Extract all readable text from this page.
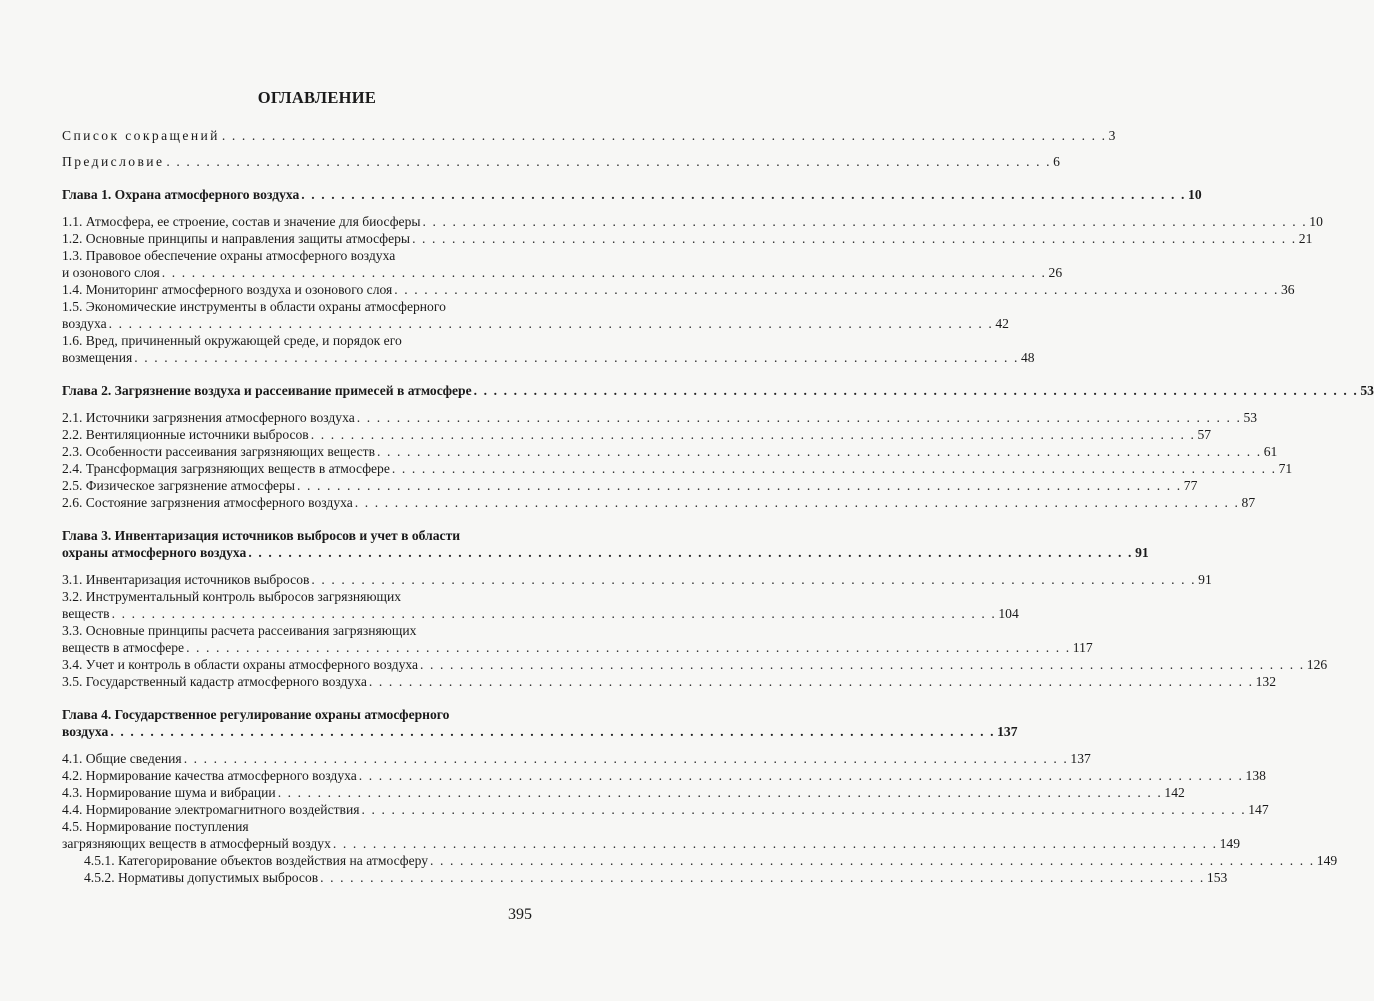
ОГЛАВЛЕНИЕ
Список сокращений . . . . . . . . . . . . . . . . . . . . . . . . . . . . . . . . . . . . . . . . . . . . . . . . . . . . . . . . . . . . . . . . . . . . . . . . . . . . . . . . . . . . . . . . . 3
Предисловие . . . . . . . . . . . . . . . . . . . . . . . . . . . . . . . . . . . . . . . . . . . . . . . . . . . . . . . . . . . . . . . . . . . . . . . . . . . . . . . . . . . . . . . . . 6
Глава 1. Охрана атмосферного воздуха . . . . . . . . . . . . . . . . . . . . . . . . . . . . . . . . . . . . . . . . . . . . . . . . . . . . . . . . . . . . . . . . . . . . . . . . . . . . . . . . . . . . . . . . . 10
1.1. Атмосфера, ее строение, состав и значение для биосферы . . . . . . . . . . . . . . . . . . . . . . . . . . . . . . . . . . . . . . . . . . . . . . . . . . . . . . . . . . . . . . . . . . . . . . . . . . . . . . . . . . . . . . . . . 10
1.2. Основные принципы и направления защиты атмосферы . . . . . . . . . . . . . . . . . . . . . . . . . . . . . . . . . . . . . . . . . . . . . . . . . . . . . . . . . . . . . . . . . . . . . . . . . . . . . . . . . . . . . . . . . 21
1.3. Правовое обеспечение охраны атмосферного воздуха
и озонового слоя . . . . . . . . . . . . . . . . . . . . . . . . . . . . . . . . . . . . . . . . . . . . . . . . . . . . . . . . . . . . . . . . . . . . . . . . . . . . . . . . . . . . . . . . . 26
1.4. Мониторинг атмосферного воздуха и озонового слоя . . . . . . . . . . . . . . . . . . . . . . . . . . . . . . . . . . . . . . . . . . . . . . . . . . . . . . . . . . . . . . . . . . . . . . . . . . . . . . . . . . . . . . . . . 36
1.5. Экономические инструменты в области охраны атмосферного
воздуха . . . . . . . . . . . . . . . . . . . . . . . . . . . . . . . . . . . . . . . . . . . . . . . . . . . . . . . . . . . . . . . . . . . . . . . . . . . . . . . . . . . . . . . . . 42
1.6. Вред, причиненный окружающей среде, и порядок его
возмещения . . . . . . . . . . . . . . . . . . . . . . . . . . . . . . . . . . . . . . . . . . . . . . . . . . . . . . . . . . . . . . . . . . . . . . . . . . . . . . . . . . . . . . . . . 48
Глава 2. Загрязнение воздуха и рассеивание примесей в атмосфере . . . . . . . . . . . . . . . . . . . . . . . . . . . . . . . . . . . . . . . . . . . . . . . . . . . . . . . . . . . . . . . . . . . . . . . . . . . . . . . . . . . . . . . . . 53
2.1. Источники загрязнения атмосферного воздуха . . . . . . . . . . . . . . . . . . . . . . . . . . . . . . . . . . . . . . . . . . . . . . . . . . . . . . . . . . . . . . . . . . . . . . . . . . . . . . . . . . . . . . . . . 53
2.2. Вентиляционные источники выбросов . . . . . . . . . . . . . . . . . . . . . . . . . . . . . . . . . . . . . . . . . . . . . . . . . . . . . . . . . . . . . . . . . . . . . . . . . . . . . . . . . . . . . . . . . 57
2.3. Особенности рассеивания загрязняющих веществ . . . . . . . . . . . . . . . . . . . . . . . . . . . . . . . . . . . . . . . . . . . . . . . . . . . . . . . . . . . . . . . . . . . . . . . . . . . . . . . . . . . . . . . . . 61
2.4. Трансформация загрязняющих веществ в атмосфере . . . . . . . . . . . . . . . . . . . . . . . . . . . . . . . . . . . . . . . . . . . . . . . . . . . . . . . . . . . . . . . . . . . . . . . . . . . . . . . . . . . . . . . . . 71
2.5. Физическое загрязнение атмосферы . . . . . . . . . . . . . . . . . . . . . . . . . . . . . . . . . . . . . . . . . . . . . . . . . . . . . . . . . . . . . . . . . . . . . . . . . . . . . . . . . . . . . . . . . 77
2.6. Состояние загрязнения атмосферного воздуха . . . . . . . . . . . . . . . . . . . . . . . . . . . . . . . . . . . . . . . . . . . . . . . . . . . . . . . . . . . . . . . . . . . . . . . . . . . . . . . . . . . . . . . . . 87
Глава 3. Инвентаризация источников выбросов и учет в области
охраны атмосферного воздуха . . . . . . . . . . . . . . . . . . . . . . . . . . . . . . . . . . . . . . . . . . . . . . . . . . . . . . . . . . . . . . . . . . . . . . . . . . . . . . . . . . . . . . . . . 91
3.1. Инвентаризация источников выбросов . . . . . . . . . . . . . . . . . . . . . . . . . . . . . . . . . . . . . . . . . . . . . . . . . . . . . . . . . . . . . . . . . . . . . . . . . . . . . . . . . . . . . . . . . 91
3.2. Инструментальный контроль выбросов загрязняющих
веществ . . . . . . . . . . . . . . . . . . . . . . . . . . . . . . . . . . . . . . . . . . . . . . . . . . . . . . . . . . . . . . . . . . . . . . . . . . . . . . . . . . . . . . . . . 104
3.3. Основные принципы расчета рассеивания загрязняющих
веществ в атмосфере . . . . . . . . . . . . . . . . . . . . . . . . . . . . . . . . . . . . . . . . . . . . . . . . . . . . . . . . . . . . . . . . . . . . . . . . . . . . . . . . . . . . . . . . . 117
3.4. Учет и контроль в области охраны атмосферного воздуха . . . . . . . . . . . . . . . . . . . . . . . . . . . . . . . . . . . . . . . . . . . . . . . . . . . . . . . . . . . . . . . . . . . . . . . . . . . . . . . . . . . . . . . . . 126
3.5. Государственный кадастр атмосферного воздуха . . . . . . . . . . . . . . . . . . . . . . . . . . . . . . . . . . . . . . . . . . . . . . . . . . . . . . . . . . . . . . . . . . . . . . . . . . . . . . . . . . . . . . . . . 132
Глава 4. Государственное регулирование охраны атмосферного
воздуха . . . . . . . . . . . . . . . . . . . . . . . . . . . . . . . . . . . . . . . . . . . . . . . . . . . . . . . . . . . . . . . . . . . . . . . . . . . . . . . . . . . . . . . . . 137
4.1. Общие сведения . . . . . . . . . . . . . . . . . . . . . . . . . . . . . . . . . . . . . . . . . . . . . . . . . . . . . . . . . . . . . . . . . . . . . . . . . . . . . . . . . . . . . . . . . 137
4.2. Нормирование качества атмосферного воздуха . . . . . . . . . . . . . . . . . . . . . . . . . . . . . . . . . . . . . . . . . . . . . . . . . . . . . . . . . . . . . . . . . . . . . . . . . . . . . . . . . . . . . . . . . 138
4.3. Нормирование шума и вибрации . . . . . . . . . . . . . . . . . . . . . . . . . . . . . . . . . . . . . . . . . . . . . . . . . . . . . . . . . . . . . . . . . . . . . . . . . . . . . . . . . . . . . . . . . 142
4.4. Нормирование электромагнитного воздействия . . . . . . . . . . . . . . . . . . . . . . . . . . . . . . . . . . . . . . . . . . . . . . . . . . . . . . . . . . . . . . . . . . . . . . . . . . . . . . . . . . . . . . . . . 147
4.5. Нормирование поступления
загрязняющих веществ в атмосферный воздух . . . . . . . . . . . . . . . . . . . . . . . . . . . . . . . . . . . . . . . . . . . . . . . . . . . . . . . . . . . . . . . . . . . . . . . . . . . . . . . . . . . . . . . . . 149
4.5.1. Категорирование объектов воздействия на атмосферу . . . . . . . . . . . . . . . . . . . . . . . . . . . . . . . . . . . . . . . . . . . . . . . . . . . . . . . . . . . . . . . . . . . . . . . . . . . . . . . . . . . . . . . . . 149
4.5.2. Нормативы допустимых выбросов . . . . . . . . . . . . . . . . . . . . . . . . . . . . . . . . . . . . . . . . . . . . . . . . . . . . . . . . . . . . . . . . . . . . . . . . . . . . . . . . . . . . . . . . . 153
395
